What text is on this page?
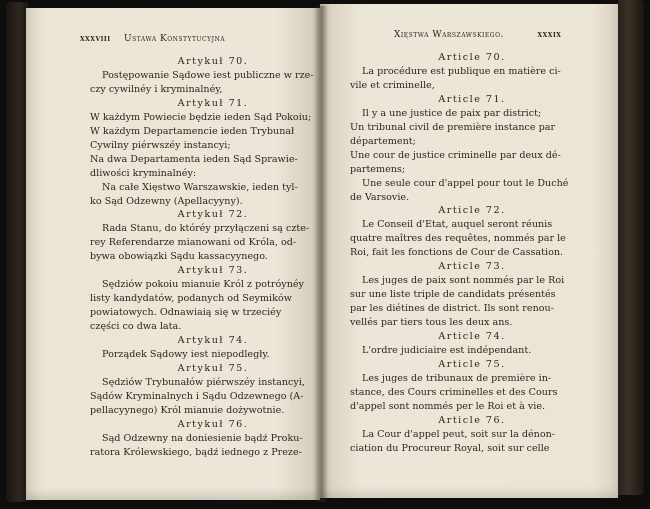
xxxviii Ustawa Konstytucyjna
Artykuł 70.
Postępowanie Sądowe iest publiczne w rze-
czy cywilnéy i kryminalnéy,
Artykuł 71.
W każdym Powiecie będzie ieden Sąd Pokoiu;
W każdym Departamencie ieden Trybunał
Cywilny piérwszéy instancyi;
Na dwa Departamenta ieden Sąd Sprawie-
dliwości kryminalnéy:
Na całe Xięstwo Warszawskie, ieden tyl-
ko Sąd Odzewny (Apellacyyny).
Artykuł 72.
Rada Stanu, do któréy przyłączeni są czte-
rey Referendarze mianowani od Króla, od-
bywa obowiązki Sądu kassacyynego.
Artykuł 73.
Sędziów pokoiu mianuie Król z potróynéy
listy kandydatów, podanych od Seymików
powiatowych. Odnawiaią się w trzeciéy
części co dwa lata.
Artykuł 74.
Porządek Sądowy iest niepodległy.
Artykuł 75.
Sędziów Trybunałów piérwszéy instancyi,
Sądów Kryminalnych i Sądu Odzewnego (A-
pellacyynego) Król mianuie dożywotnie.
Artykuł 76.
Sąd Odzewny na doniesienie bądź Proku-
ratora Królewskiego, bądź iednego z Preze-
Xięstwa Warszawskiego.	xxxix
Article 70.
La procédure est publique en matière ci-
vile et criminelle,
Article 71.
Il y a une justice de paix par district;
Un tribunal civil de première instance par
département;
Une cour de justice criminelle par deux dé-
partemens;
Une seule cour d'appel pour tout le Duché
de Varsovie.
Article 72.
Le Conseil d'Etat, auquel seront réunis
quatre maîtres des requêtes, nommés par le
Roi, fait les fonctions de Cour de Cassation.
Article 73.
Les juges de paix sont nommés par le Roi
sur une liste triple de candidats présentés
par les diétines de district. Ils sont renou-
vellés par tiers tous les deux ans.
Article 74.
L'ordre judiciaire est indépendant.
Article 75.
Les juges de tribunaux de première in-
stance, des Cours criminelles et des Cours
d'appel sont nommés per le Roi et à vie.
Article 76.
La Cour d'appel peut, soit sur la dénon-
ciation du Procureur Royal, soit sur celle
